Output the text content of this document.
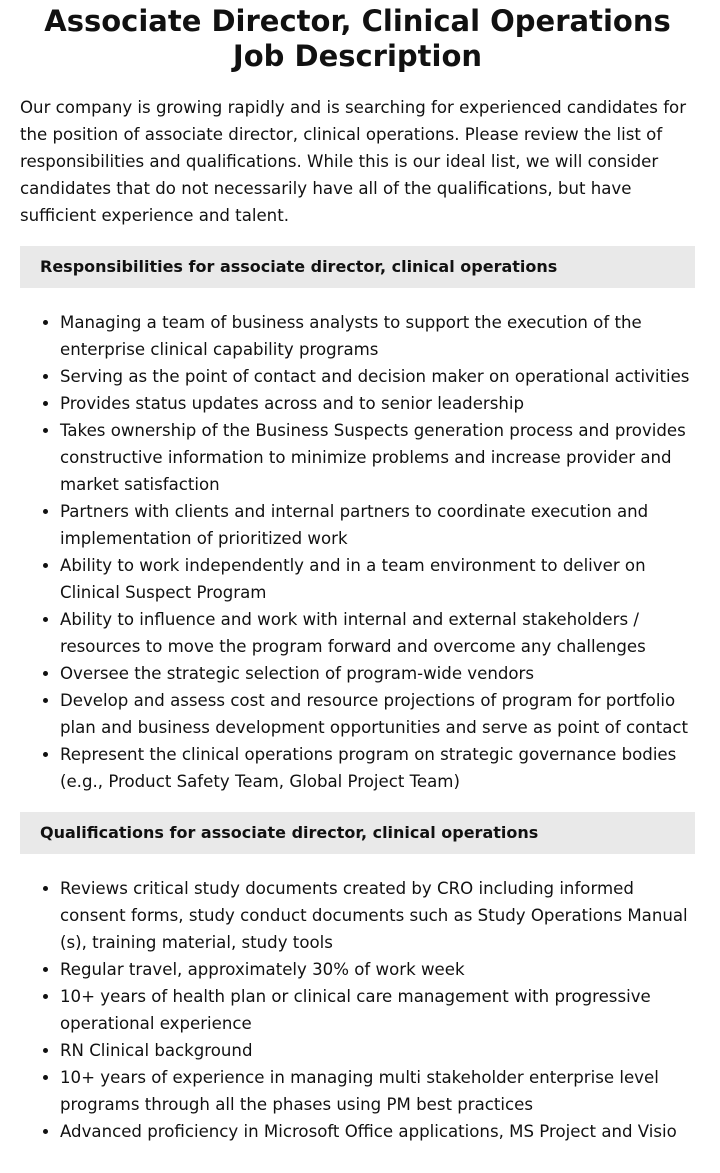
Associate Director, Clinical Operations Job Description

Our company is growing rapidly and is searching for experienced candidates for the position of associate director, clinical operations. Please review the list of responsibilities and qualifications. While this is our ideal list, we will consider candidates that do not necessarily have all of the qualifications, but have sufficient experience and talent.

Responsibilities for associate director, clinical operations
• Managing a team of business analysts to support the execution of the enterprise clinical capability programs
• Serving as the point of contact and decision maker on operational activities
• Provides status updates across and to senior leadership
• Takes ownership of the Business Suspects generation process and provides constructive information to minimize problems and increase provider and market satisfaction
• Partners with clients and internal partners to coordinate execution and implementation of prioritized work
• Ability to work independently and in a team environment to deliver on Clinical Suspect Program
• Ability to influence and work with internal and external stakeholders / resources to move the program forward and overcome any challenges
• Oversee the strategic selection of program-wide vendors
• Develop and assess cost and resource projections of program for portfolio plan and business development opportunities and serve as point of contact
• Represent the clinical operations program on strategic governance bodies (e.g., Product Safety Team, Global Project Team)
Qualifications for associate director, clinical operations
• Reviews critical study documents created by CRO including informed consent forms, study conduct documents such as Study Operations Manual (s), training material, study tools
• Regular travel, approximately 30% of work week
• 10+ years of health plan or clinical care management with progressive operational experience
• RN Clinical background
• 10+ years of experience in managing multi stakeholder enterprise level programs through all the phases using PM best practices
• Advanced proficiency in Microsoft Office applications, MS Project and Visio
